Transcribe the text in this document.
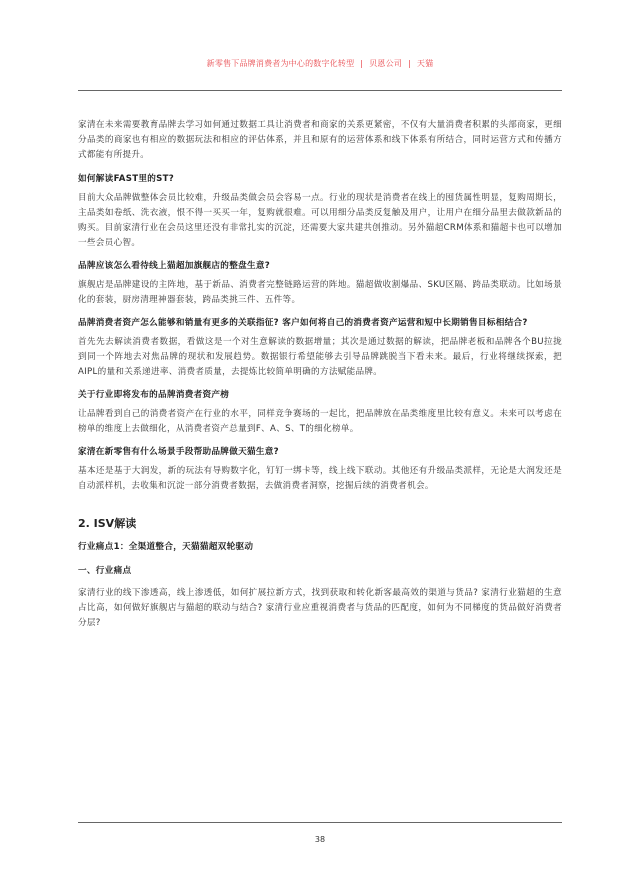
新零售下品牌消费者为中心的数字化转型 | 贝恩公司 | 天猫

家清在未来需要教育品牌去学习如何通过数据工具让消费者和商家的关系更紧密，不仅有大量消费者积累的头部商家，更细分品类的商家也有相应的数据玩法和相应的评估体系，并且和原有的运营体系和线下体系有所结合，同时运营方式和传播方式都能有所提升。

如何解读FAST里的ST?

目前大众品牌做整体会员比较难，升级品类做会员会容易一点。行业的现状是消费者在线上的囤货属性明显，复购周期长，主品类如卷纸、洗衣液，恨不得一买买一年，复购就很难。可以用细分品类反复触及用户，让用户在细分品里去做款新品的购买。目前家清行业在会员这里还没有非常扎实的沉淀，还需要大家共建共创推动。另外猫超CRM体系和猫超卡也可以增加一些会员心智。

品牌应该怎么看待线上猫超加旗舰店的整盘生意?

旗舰店是品牌建设的主阵地，基于新品、消费者完整链路运营的阵地。猫超做收割爆品、SKU区隔、跨品类联动。比如场景化的套装，厨房清理神器套装，跨品类挑三件、五件等。

品牌消费者资产怎么能够和销量有更多的关联指征? 客户如何将自己的消费者资产运营和短中长期销售目标相结合?

首先先去解读消费者数据，看做这是一个对生意解读的数据增量；其次是通过数据的解读，把品牌老板和品牌各个BU拉拢到同一个阵地去对焦品牌的现状和发展趋势。数据银行希望能够去引导品牌跳脱当下看未来。最后，行业将继续探索，把AIPL的量和关系递进率、消费者质量，去提炼比较简单明确的方法赋能品牌。

关于行业即将发布的品牌消费者资产榜

让品牌看到自己的消费者资产在行业的水平，同样竞争赛场的一起比，把品牌放在品类维度里比较有意义。未来可以考虑在榜单的维度上去做细化，从消费者资产总量到F、A、S、T的细化榜单。

家清在新零售有什么场景手段帮助品牌做天猫生意?

基本还是基于大润发，新的玩法有导购数字化，钉钉一绑卡等，线上线下联动。其他还有升级品类派样，无论是大润发还是自动派样机，去收集和沉淀一部分消费者数据，去做消费者洞察，挖掘后续的消费者机会。

2. ISV解读
行业痛点1：全渠道整合，天猫猫超双轮驱动
一、行业痛点

家清行业的线下渗透高，线上渗透低，如何扩展拉新方式，找到获取和转化新客最高效的渠道与货品? 家清行业猫超的生意占比高，如何做好旗舰店与猫超的联动与结合? 家清行业应重视消费者与货品的匹配度，如何为不同梯度的货品做好消费者分层?

38
